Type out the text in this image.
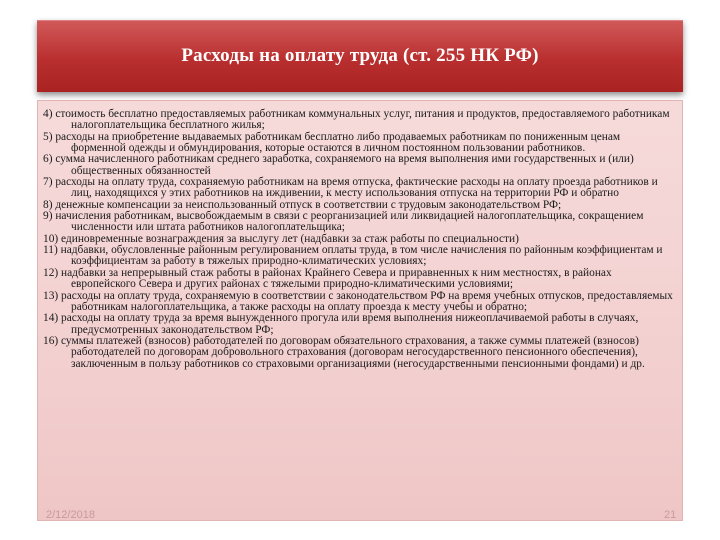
Расходы на оплату труда (ст. 255 НК РФ)
4) стоимость бесплатно предоставляемых работникам коммунальных услуг, питания и продуктов, предоставляемого работникам налогоплательщика бесплатного жилья;
5) расходы на приобретение выдаваемых работникам бесплатно либо продаваемых работникам по пониженным ценам форменной одежды и обмундирования, которые остаются в личном постоянном пользовании работников.
6) сумма начисленного работникам среднего заработка, сохраняемого на время выполнения ими государственных и (или) общественных обязанностей
7) расходы на оплату труда, сохраняемую работникам на время отпуска, фактические расходы на оплату проезда работников и лиц, находящихся у этих работников на иждивении, к месту использования отпуска на территории РФ и обратно
8) денежные компенсации за неиспользованный отпуск в соответствии с трудовым законодательством РФ;
9) начисления работникам, высвобождаемым в связи с реорганизацией или ликвидацией налогоплательщика, сокращением численности или штата работников налогоплательщика;
10) единовременные вознаграждения за выслугу лет (надбавки за стаж работы по специальности)
11) надбавки, обусловленные районным регулированием оплаты труда, в том числе начисления по районным коэффициентам и коэффициентам за работу в тяжелых природно-климатических условиях;
12) надбавки за непрерывный стаж работы в районах Крайнего Севера и приравненных к ним местностях, в районах европейского Севера и других районах с тяжелыми природно-климатическими условиями;
13) расходы на оплату труда, сохраняемую в соответствии с законодательством РФ на время учебных отпусков, предоставляемых работникам налогоплательщика, а также расходы на оплату проезда к месту учебы и обратно;
14) расходы на оплату труда за время вынужденного прогула или время выполнения нижеоплачиваемой работы в случаях, предусмотренных законодательством РФ;
16) суммы платежей (взносов) работодателей по договорам обязательного страхования, а также суммы платежей (взносов) работодателей по договорам добровольного страхования (договорам негосударственного пенсионного обеспечения), заключенным в пользу работников со страховыми организациями (негосударственными пенсионными фондами) и др.
2/12/2018	21
